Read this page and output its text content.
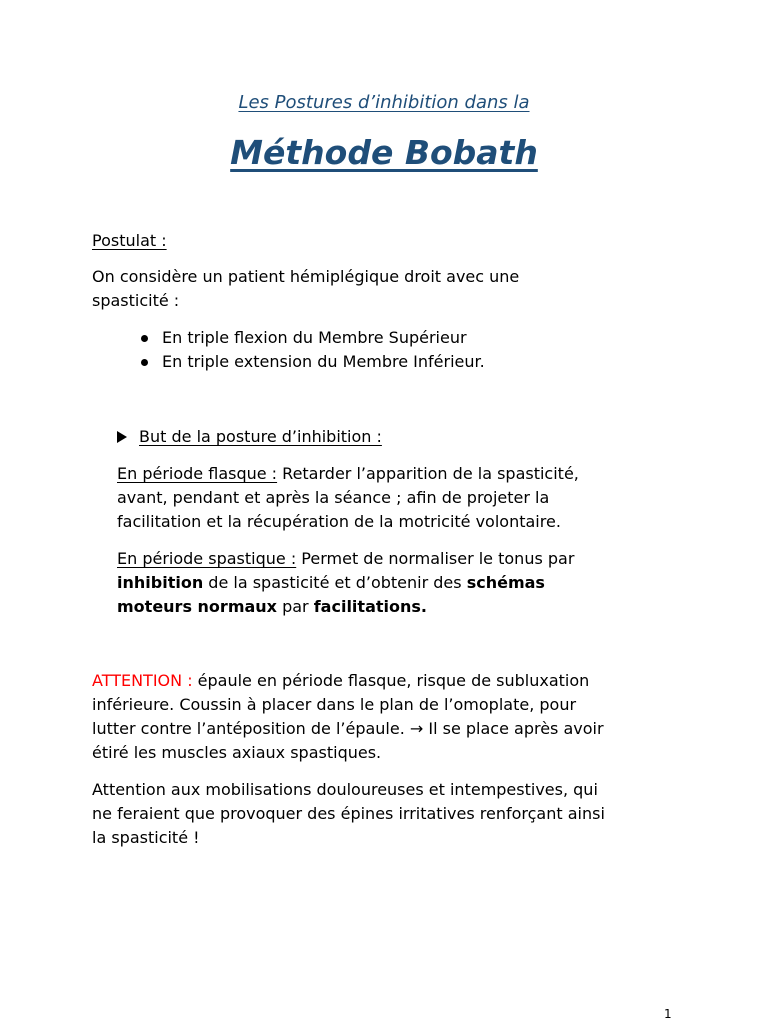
Les Postures d’inhibition dans la
Méthode Bobath
Postulat :
On considère un patient hémiplégique droit avec une
spasticité :
En triple flexion du Membre Supérieur
En triple extension du Membre Inférieur.
But de la posture d’inhibition :
En période flasque : Retarder l’apparition de la spasticité,
avant, pendant et après la séance ; afin de projeter la
facilitation et la récupération de la motricité volontaire.
En période spastique : Permet de normaliser le tonus par
inhibition de la spasticité et d’obtenir des schémas
moteurs normaux par facilitations.
ATTENTION : épaule en période flasque, risque de subluxation
inférieure. Coussin à placer dans le plan de l’omoplate, pour
lutter contre l’antéposition de l’épaule. → Il se place après avoir
étiré les muscles axiaux spastiques.
Attention aux mobilisations douloureuses et intempestives, qui
ne feraient que provoquer des épines irritatives renforçant ainsi
la spasticité !
1
